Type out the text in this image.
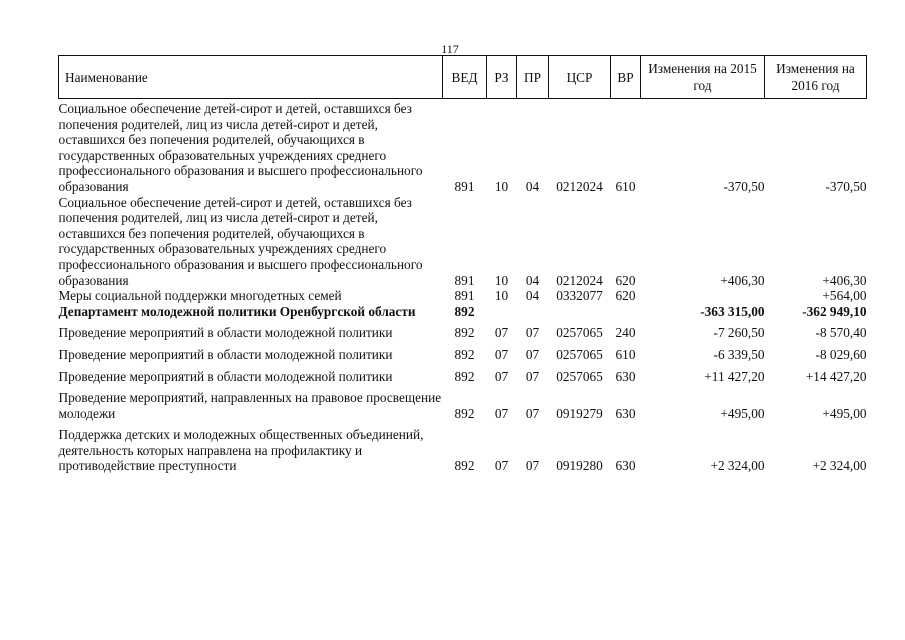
117
Наименование	ВЕД	РЗ	ПР	ЦСР	ВР	Изменения на 2015 год	Изменения на 2016 год
Социальное обеспечение детей-сирот и детей, оставшихся без попечения родителей, лиц из числа детей-сирот и детей, оставшихся без попечения родителей, обучающихся в государственных образовательных учреждениях среднего профессионального образования и высшего профессионального образования	891	10	04	0212024	610	-370,50	-370,50
Социальное обеспечение детей-сирот и детей, оставшихся без попечения родителей, лиц из числа детей-сирот и детей, оставшихся без попечения родителей, обучающихся в государственных образовательных учреждениях среднего профессионального образования и высшего профессионального образования	891	10	04	0212024	620	+406,30	+406,30
Меры социальной поддержки многодетных семей	891	10	04	0332077	620		+564,00
Департамент молодежной политики Оренбургской области	892					-363 315,00	-362 949,10
Проведение мероприятий в области молодежной политики	892	07	07	0257065	240	-7 260,50	-8 570,40
Проведение мероприятий в области молодежной политики	892	07	07	0257065	610	-6 339,50	-8 029,60
Проведение мероприятий в области молодежной политики	892	07	07	0257065	630	+11 427,20	+14 427,20
Проведение мероприятий, направленных на правовое просвещение молодежи	892	07	07	0919279	630	+495,00	+495,00
Поддержка детских и молодежных общественных объединений, деятельность которых направлена на профилактику и противодействие преступности	892	07	07	0919280	630	+2 324,00	+2 324,00
